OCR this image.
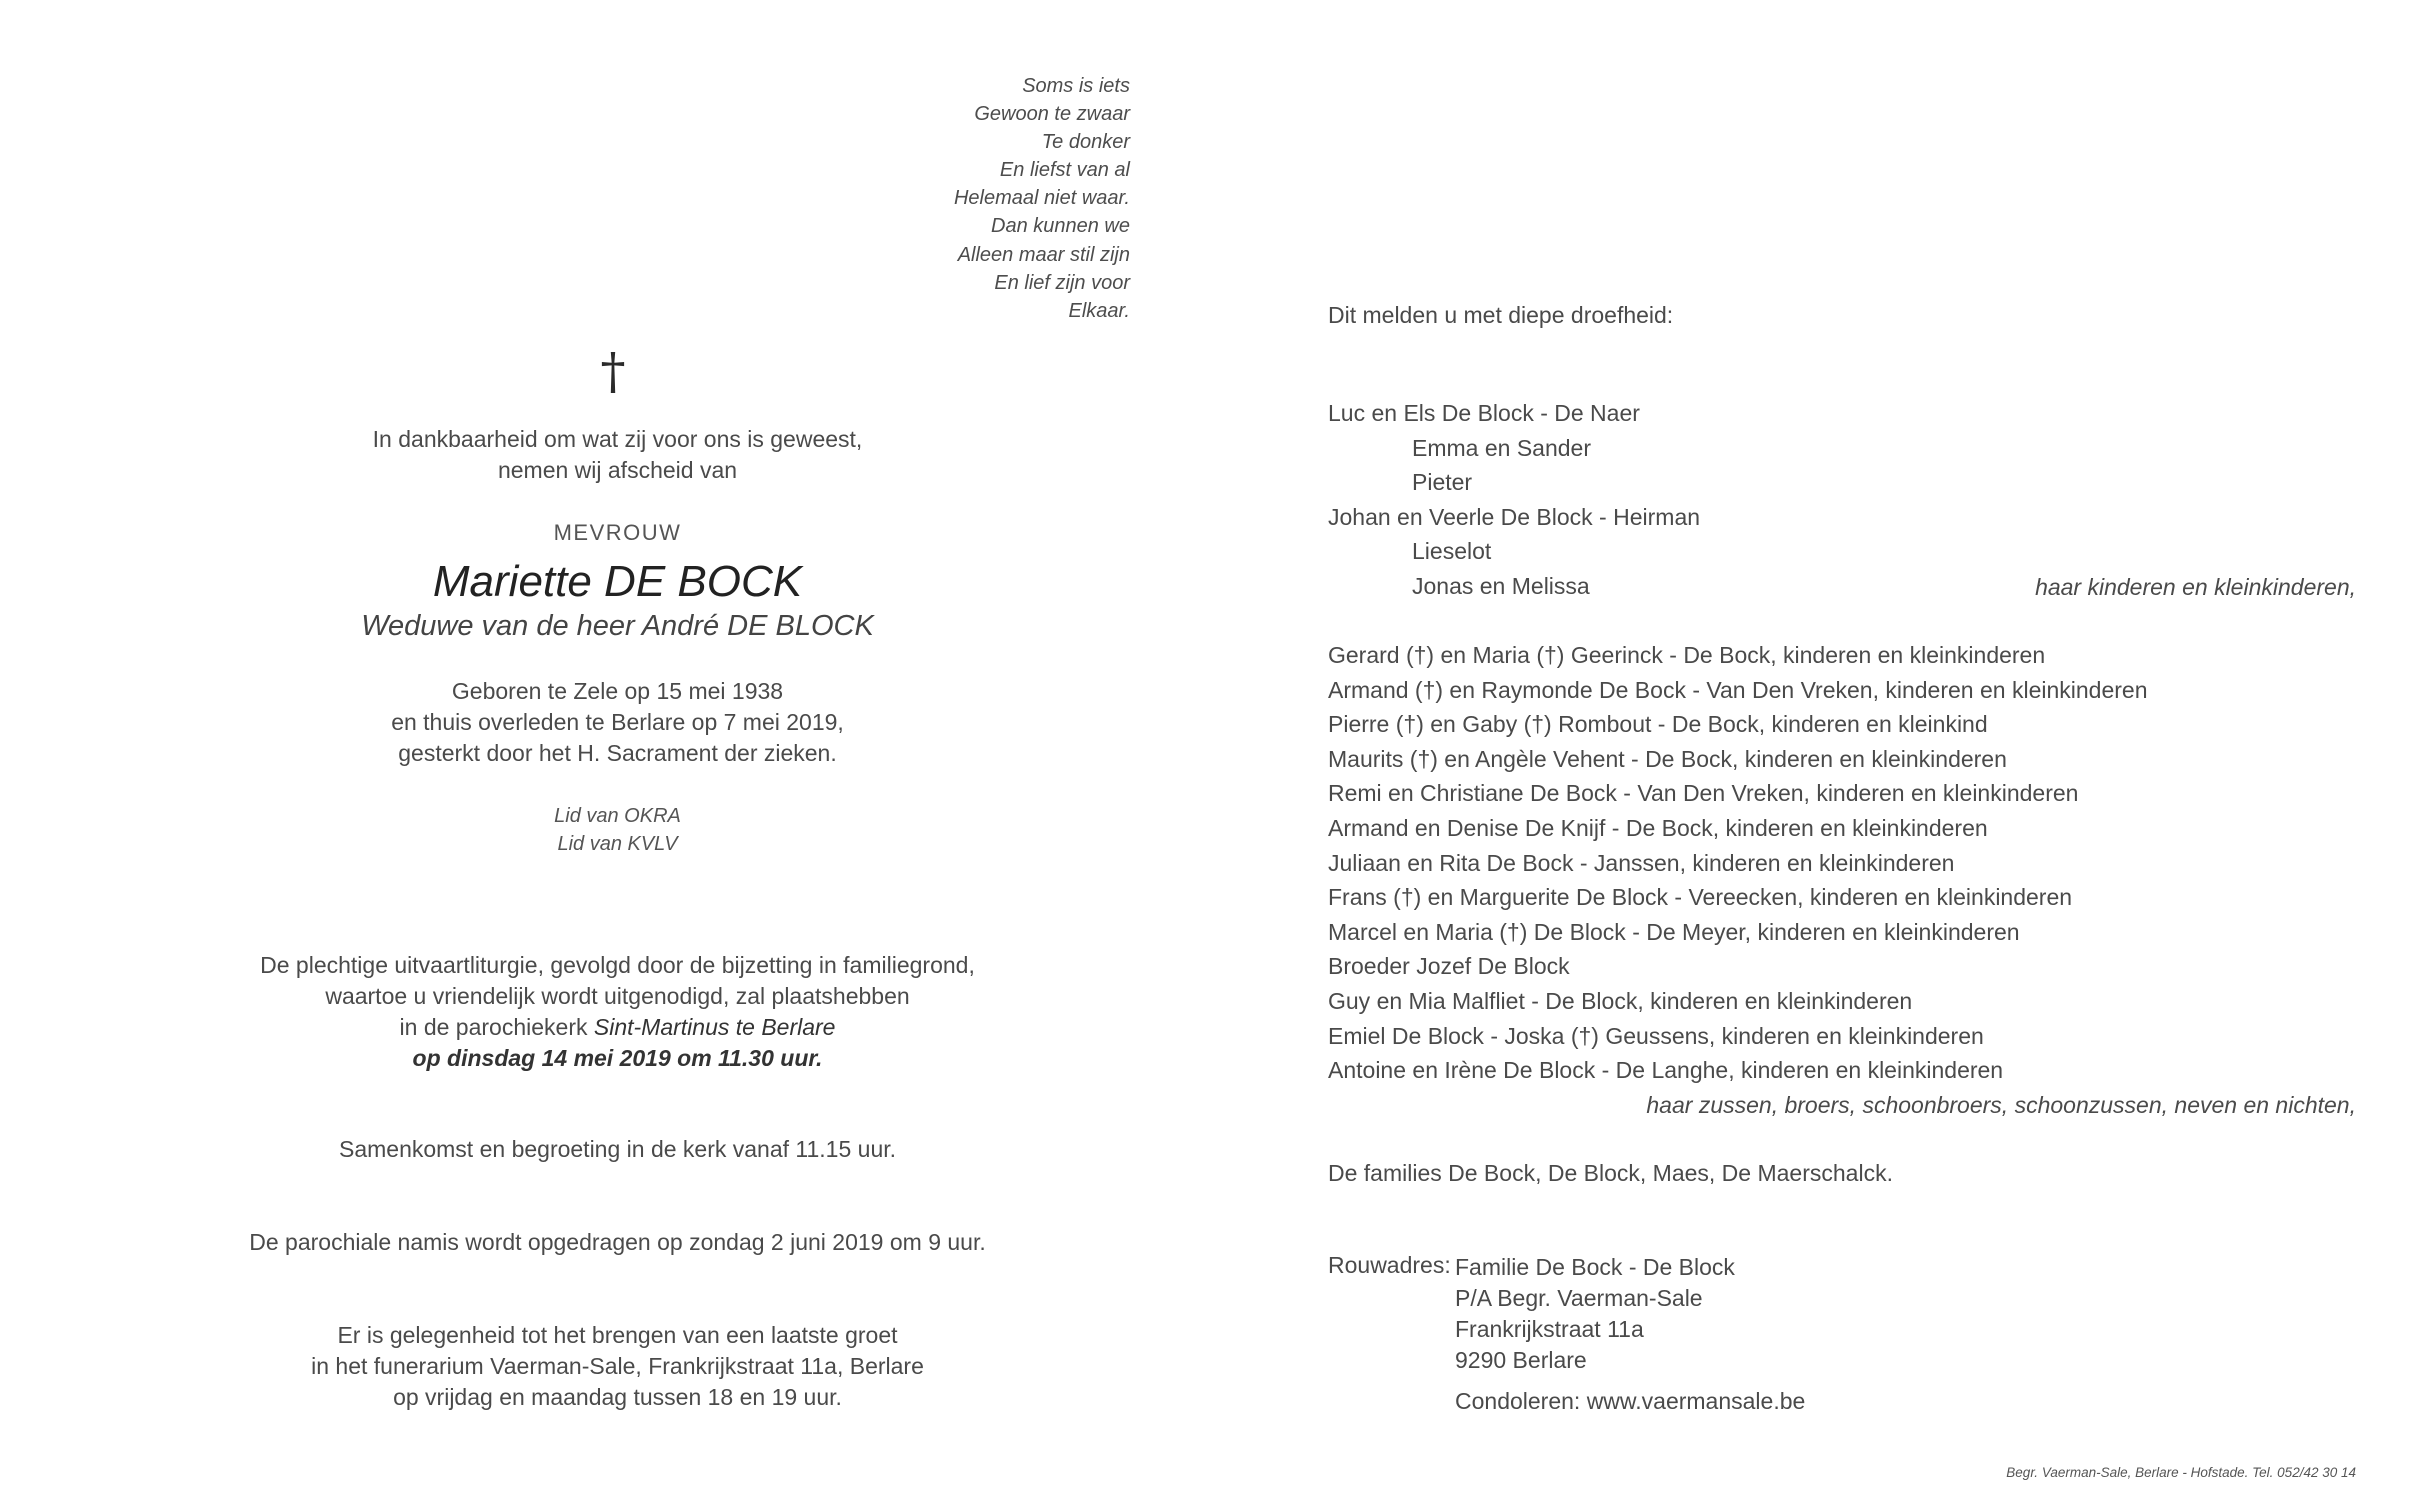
Soms is iets
Gewoon te zwaar
Te donker
En liefst van al
Helemaal niet waar.
Dan kunnen we
Alleen maar stil zijn
En lief zijn voor
Elkaar.
†
In dankbaarheid om wat zij voor ons is geweest,
nemen wij afscheid van
MEVROUW
Mariette DE BOCK
Weduwe van de heer André DE BLOCK
Geboren te Zele op 15 mei 1938
en thuis overleden te Berlare op 7 mei 2019,
gesterkt door het H. Sacrament der zieken.
Lid van OKRA
Lid van KVLV
De plechtige uitvaartliturgie, gevolgd door de bijzetting in familiegrond,
waartoe u vriendelijk wordt uitgenodigd, zal plaatshebben
in de parochiekerk Sint-Martinus te Berlare
op dinsdag 14 mei 2019 om 11.30 uur.
Samenkomst en begroeting in de kerk vanaf 11.15 uur.
De parochiale namis wordt opgedragen op zondag 2 juni 2019 om 9 uur.
Er is gelegenheid tot het brengen van een laatste groet
in het funerarium Vaerman-Sale, Frankrijkstraat 11a, Berlare
op vrijdag en maandag tussen 18 en 19 uur.
Dit melden u met diepe droefheid:
Luc en Els De Block - De Naer
Emma en Sander
Pieter
Johan en Veerle De Block - Heirman
Lieselot
Jonas en Melissa	haar kinderen en kleinkinderen,
Gerard (†) en Maria (†) Geerinck - De Bock, kinderen en kleinkinderen
Armand (†) en Raymonde De Bock - Van Den Vreken, kinderen en kleinkinderen
Pierre (†) en Gaby (†) Rombout - De Bock, kinderen en kleinkind
Maurits (†) en Angèle Vehent - De Bock, kinderen en kleinkinderen
Remi en Christiane De Bock - Van Den Vreken, kinderen en kleinkinderen
Armand en Denise De Knijf - De Bock, kinderen en kleinkinderen
Juliaan en Rita De Bock - Janssen, kinderen en kleinkinderen
Frans (†) en Marguerite De Block - Vereecken, kinderen en kleinkinderen
Marcel en Maria (†) De Block - De Meyer, kinderen en kleinkinderen
Broeder Jozef De Block
Guy en Mia Malfliet - De Block, kinderen en kleinkinderen
Emiel De Block - Joska (†) Geussens, kinderen en kleinkinderen
Antoine en Irène De Block - De Langhe, kinderen en kleinkinderen
haar zussen, broers, schoonbroers, schoonzussen, neven en nichten,
De families De Bock, De Block, Maes, De Maerschalck.
Rouwadres: Familie De Bock - De Block
P/A Begr. Vaerman-Sale
Frankrijkstraat 11a
9290 Berlare
Condoleren: www.vaermansale.be
Begr. Vaerman-Sale, Berlare - Hofstade. Tel. 052/42 30 14
